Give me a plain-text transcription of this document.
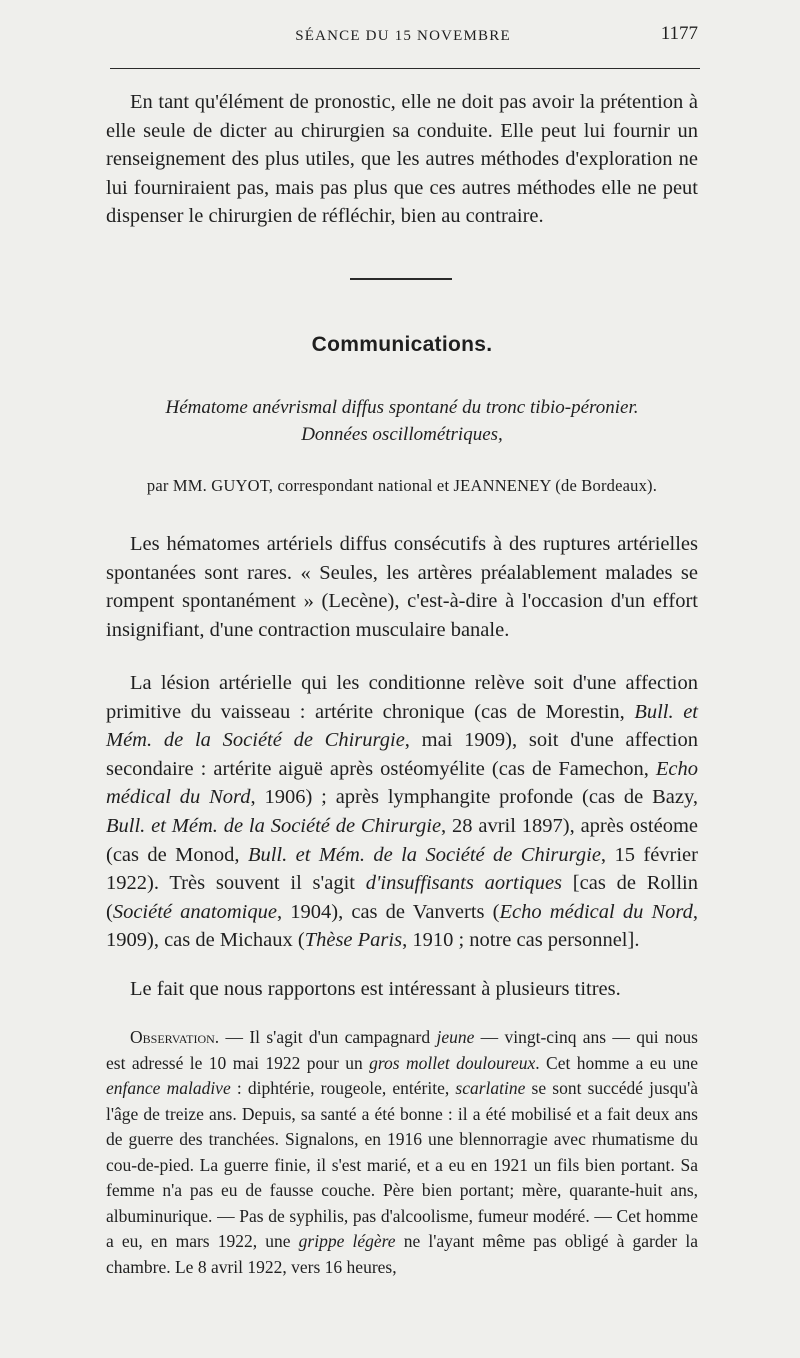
SÉANCE DU 15 NOVEMBRE	1177

En tant qu'élément de pronostic, elle ne doit pas avoir la prétention à elle seule de dicter au chirurgien sa conduite. Elle peut lui fournir un renseignement des plus utiles, que les autres méthodes d'exploration ne lui fourniraient pas, mais pas plus que ces autres méthodes elle ne peut dispenser le chirurgien de réfléchir, bien au contraire.

Communications.
Hématome anévrismal diffus spontané du tronc tibio-péronier.
Données oscillométriques,

par MM. GUYOT, correspondant national et JEANNENEY (de Bordeaux).

Les hématomes artériels diffus consécutifs à des ruptures artérielles spontanées sont rares. « Seules, les artères préalablement malades se rompent spontanément » (Lecène), c'est-à-dire à l'occasion d'un effort insignifiant, d'une contraction musculaire banale.

La lésion artérielle qui les conditionne relève soit d'une affection primitive du vaisseau : artérite chronique (cas de Morestin, Bull. et Mém. de la Société de Chirurgie, mai 1909), soit d'une affection secondaire : artérite aiguë après ostéomyélite (cas de Famechon, Echo médical du Nord, 1906) ; après lymphangite profonde (cas de Bazy, Bull. et Mém. de la Société de Chirurgie, 28 avril 1897), après ostéome (cas de Monod, Bull. et Mém. de la Société de Chirurgie, 15 février 1922). Très souvent il s'agit d'insuffisants aortiques [cas de Rollin (Société anatomique, 1904), cas de Vanverts (Echo médical du Nord, 1909), cas de Michaux (Thèse Paris, 1910 ; notre cas personnel].

Le fait que nous rapportons est intéressant à plusieurs titres.

Observation. — Il s'agit d'un campagnard jeune — vingt-cinq ans — qui nous est adressé le 10 mai 1922 pour un gros mollet douloureux. Cet homme a eu une enfance maladive : diphtérie, rougeole, entérite, scarlatine se sont succédé jusqu'à l'âge de treize ans. Depuis, sa santé a été bonne : il a été mobilisé et a fait deux ans de guerre des tranchées. Signalons, en 1916 une blennorragie avec rhumatisme du cou-de-pied. La guerre finie, il s'est marié, et a eu en 1921 un fils bien portant. Sa femme n'a pas eu de fausse couche. Père bien portant; mère, quarante-huit ans, albuminurique. — Pas de syphilis, pas d'alcoolisme, fumeur modéré. — Cet homme a eu, en mars 1922, une grippe légère ne l'ayant même pas obligé à garder la chambre. Le 8 avril 1922, vers 16 heures,
